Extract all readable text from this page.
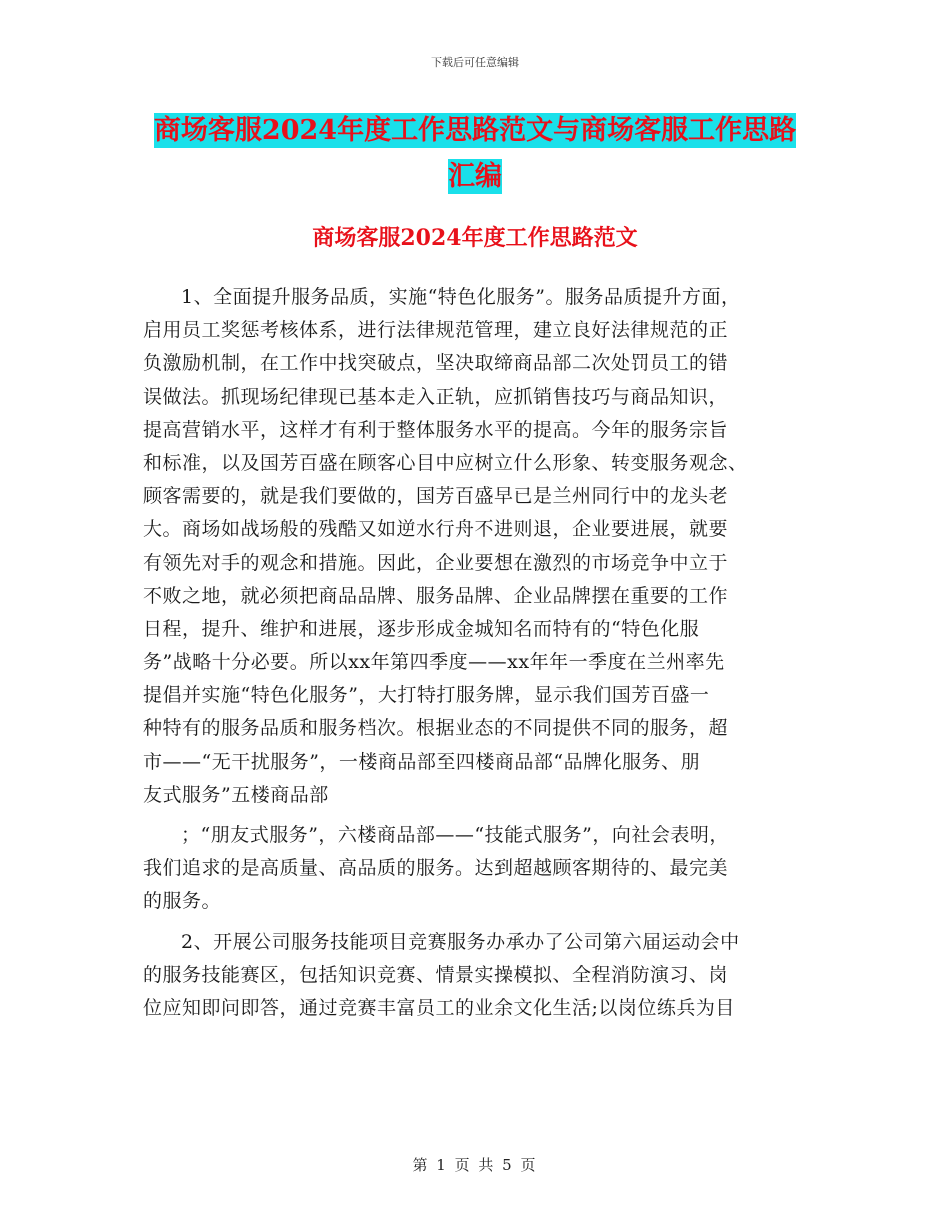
下载后可任意编辑
商场客服2024年度工作思路范文与商场客服工作思路
汇编
商场客服2024年度工作思路范文
1、全面提升服务品质，实施“特色化服务”。服务品质提升方面，
启用员工奖惩考核体系，进行法律规范管理，建立良好法律规范的正
负激励机制，在工作中找突破点，坚决取缔商品部二次处罚员工的错
误做法。抓现场纪律现已基本走入正轨，应抓销售技巧与商品知识，
提高营销水平，这样才有利于整体服务水平的提高。今年的服务宗旨
和标准，以及国芳百盛在顾客心目中应树立什么形象、转变服务观念、
顾客需要的，就是我们要做的，国芳百盛早已是兰州同行中的龙头老
大。商场如战场般的残酷又如逆水行舟不进则退，企业要进展，就要
有领先对手的观念和措施。因此，企业要想在激烈的市场竞争中立于
不败之地，就必须把商品品牌、服务品牌、企业品牌摆在重要的工作
日程，提升、维护和进展，逐步形成金城知名而特有的“特色化服
务”战略十分必要。所以xx年第四季度——xx年年一季度在兰州率先
提倡并实施“特色化服务”，大打特打服务牌，显示我们国芳百盛一
种特有的服务品质和服务档次。根据业态的不同提供不同的服务，超
市——“无干扰服务”，一楼商品部至四楼商品部“品牌化服务、朋
友式服务”五楼商品部
；“朋友式服务”，六楼商品部——“技能式服务”，向社会表明，
我们追求的是高质量、高品质的服务。达到超越顾客期待的、最完美
的服务。
2、开展公司服务技能项目竞赛服务办承办了公司第六届运动会中
的服务技能赛区，包括知识竞赛、情景实操模拟、全程消防演习、岗
位应知即问即答，通过竞赛丰富员工的业余文化生活;以岗位练兵为目
第 1 页 共 5 页
